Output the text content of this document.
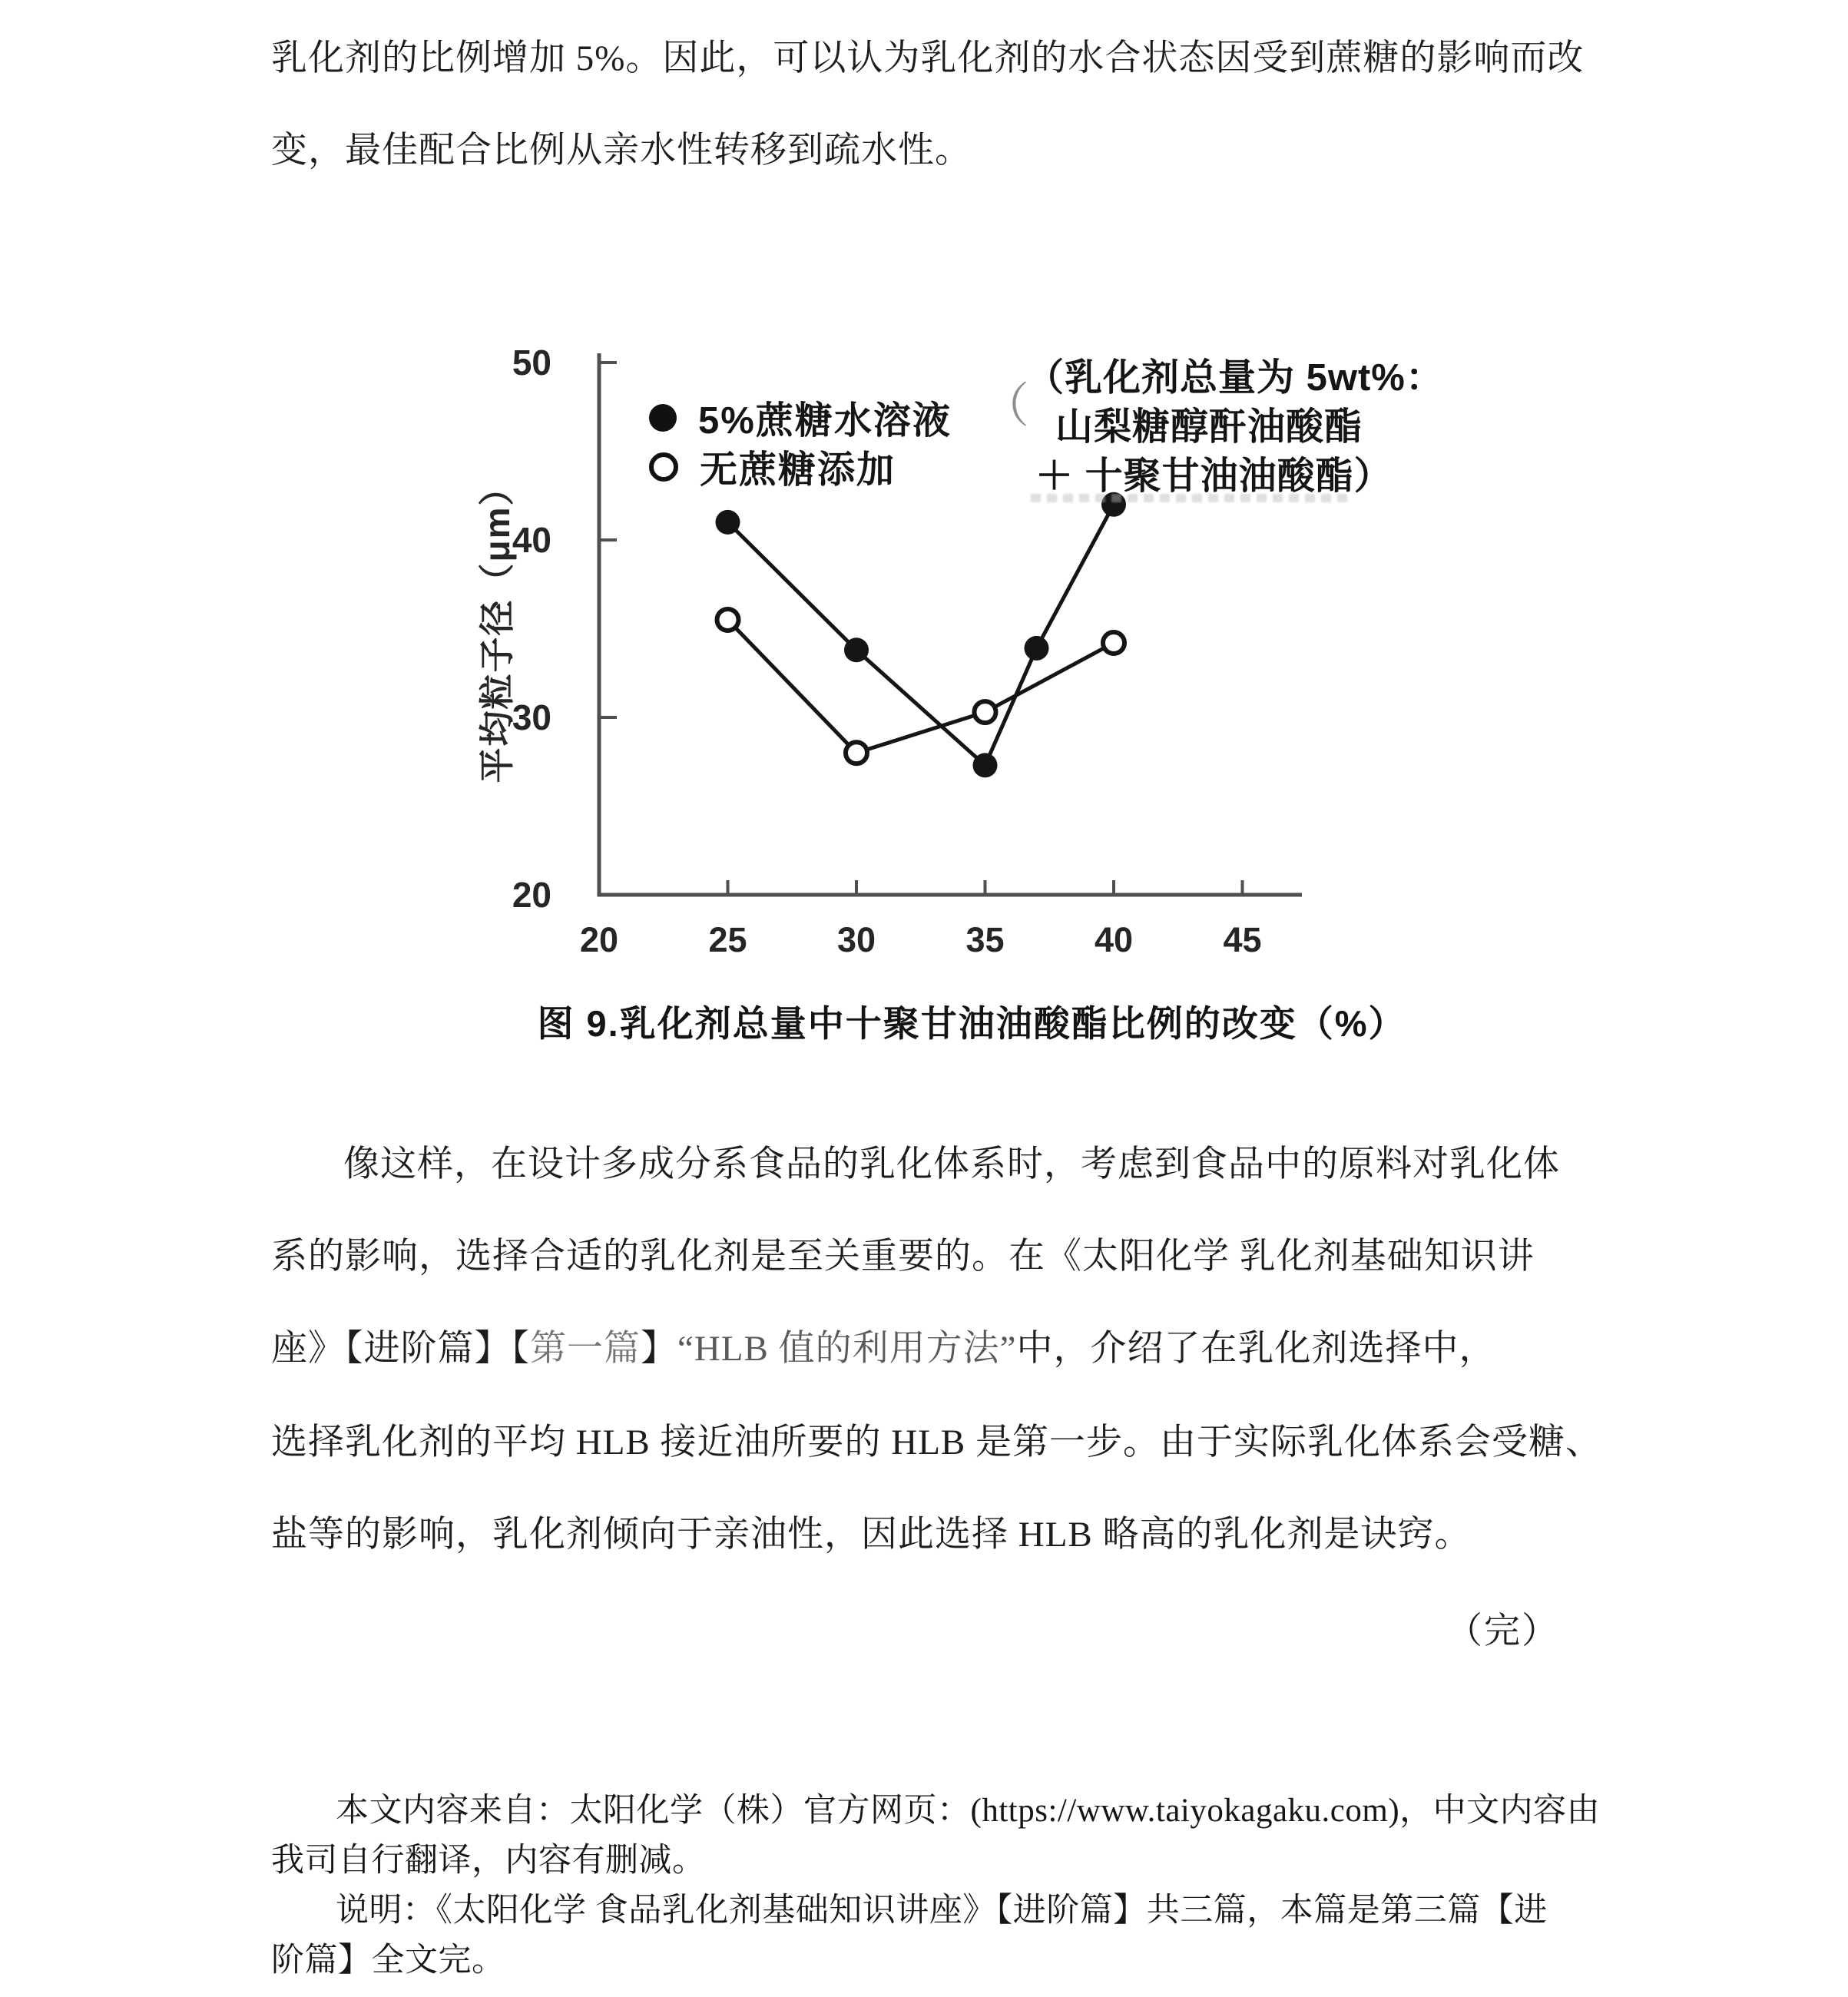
乳化剂的比例增加 5%。因此，可以认为乳化剂的水合状态因受到蔗糖的影响而改
变，最佳配合比例从亲水性转移到疏水性。
平均粒子径（μm）
5%蔗糖水溶液
无蔗糖添加
（
（乳化剂总量为 5wt%：
山梨糖醇酐油酸酯
＋ 十聚甘油油酸酯）
图 9.乳化剂总量中十聚甘油油酸酯比例的改变（%）
像这样，在设计多成分系食品的乳化体系时，考虑到食品中的原料对乳化体
系的影响，选择合适的乳化剂是至关重要的。在《太阳化学 乳化剂基础知识讲
座》【进阶篇】【第一篇】“HLB 值的利用方法”中，介绍了在乳化剂选择中，
选择乳化剂的平均 HLB 接近油所要的 HLB 是第一步。由于实际乳化体系会受糖、
盐等的影响，乳化剂倾向于亲油性，因此选择 HLB 略高的乳化剂是诀窍。
（完）
本文内容来自：太阳化学（株）官方网页：(https://www.taiyokagaku.com)，中文内容由
我司自行翻译，内容有删减。
说明：《太阳化学 食品乳化剂基础知识讲座》【进阶篇】共三篇，本篇是第三篇【进
阶篇】全文完。
20
30
40
50
20	25	30	35	40	45
